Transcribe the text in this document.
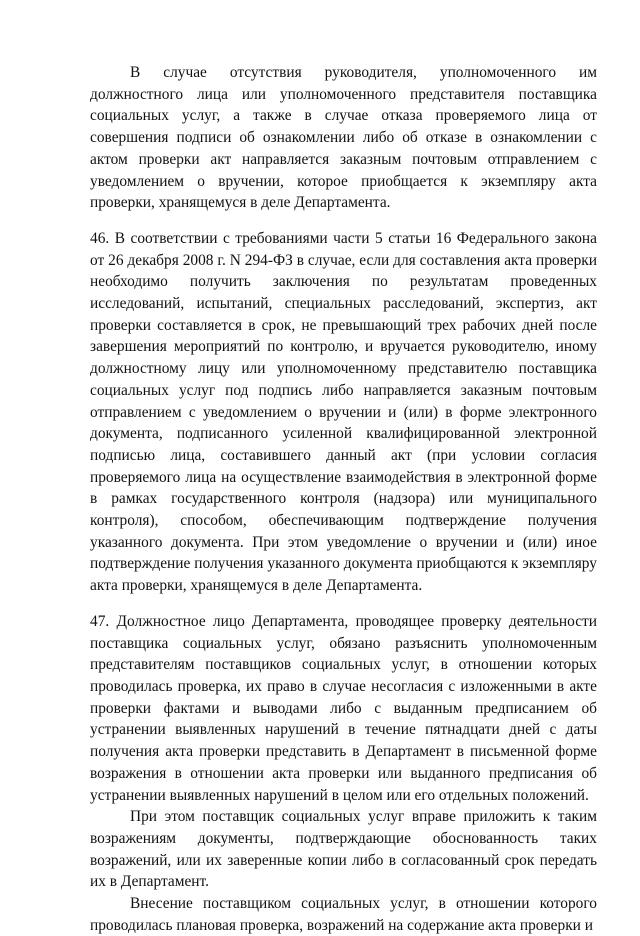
В случае отсутствия руководителя, уполномоченного им должностного лица или уполномоченного представителя поставщика социальных услуг, а также в случае отказа проверяемого лица от совершения подписи об ознакомлении либо об отказе в ознакомлении с актом проверки акт направляется заказным почтовым отправлением с уведомлением о вручении, которое приобщается к экземпляру акта проверки, хранящемуся в деле Департамента.

46. В соответствии с требованиями части 5 статьи 16 Федерального закона от 26 декабря 2008 г. N 294-ФЗ в случае, если для составления акта проверки необходимо получить заключения по результатам проведенных исследований, испытаний, специальных расследований, экспертиз, акт проверки составляется в срок, не превышающий трех рабочих дней после завершения мероприятий по контролю, и вручается руководителю, иному должностному лицу или уполномоченному представителю поставщика социальных услуг под подпись либо направляется заказным почтовым отправлением с уведомлением о вручении и (или) в форме электронного документа, подписанного усиленной квалифицированной электронной подписью лица, составившего данный акт (при условии согласия проверяемого лица на осуществление взаимодействия в электронной форме в рамках государственного контроля (надзора) или муниципального контроля), способом, обеспечивающим подтверждение получения указанного документа. При этом уведомление о вручении и (или) иное подтверждение получения указанного документа приобщаются к экземпляру акта проверки, хранящемуся в деле Департамента.

47. Должностное лицо Департамента, проводящее проверку деятельности поставщика социальных услуг, обязано разъяснить уполномоченным представителям поставщиков социальных услуг, в отношении которых проводилась проверка, их право в случае несогласия с изложенными в акте проверки фактами и выводами либо с выданным предписанием об устранении выявленных нарушений в течение пятнадцати дней с даты получения акта проверки представить в Департамент в письменной форме возражения в отношении акта проверки или выданного предписания об устранении выявленных нарушений в целом или его отдельных положений.

При этом поставщик социальных услуг вправе приложить к таким возражениям документы, подтверждающие обоснованность таких возражений, или их заверенные копии либо в согласованный срок передать их в Департамент.

Внесение поставщиком социальных услуг, в отношении которого проводилась плановая проверка, возражений на содержание акта проверки и
